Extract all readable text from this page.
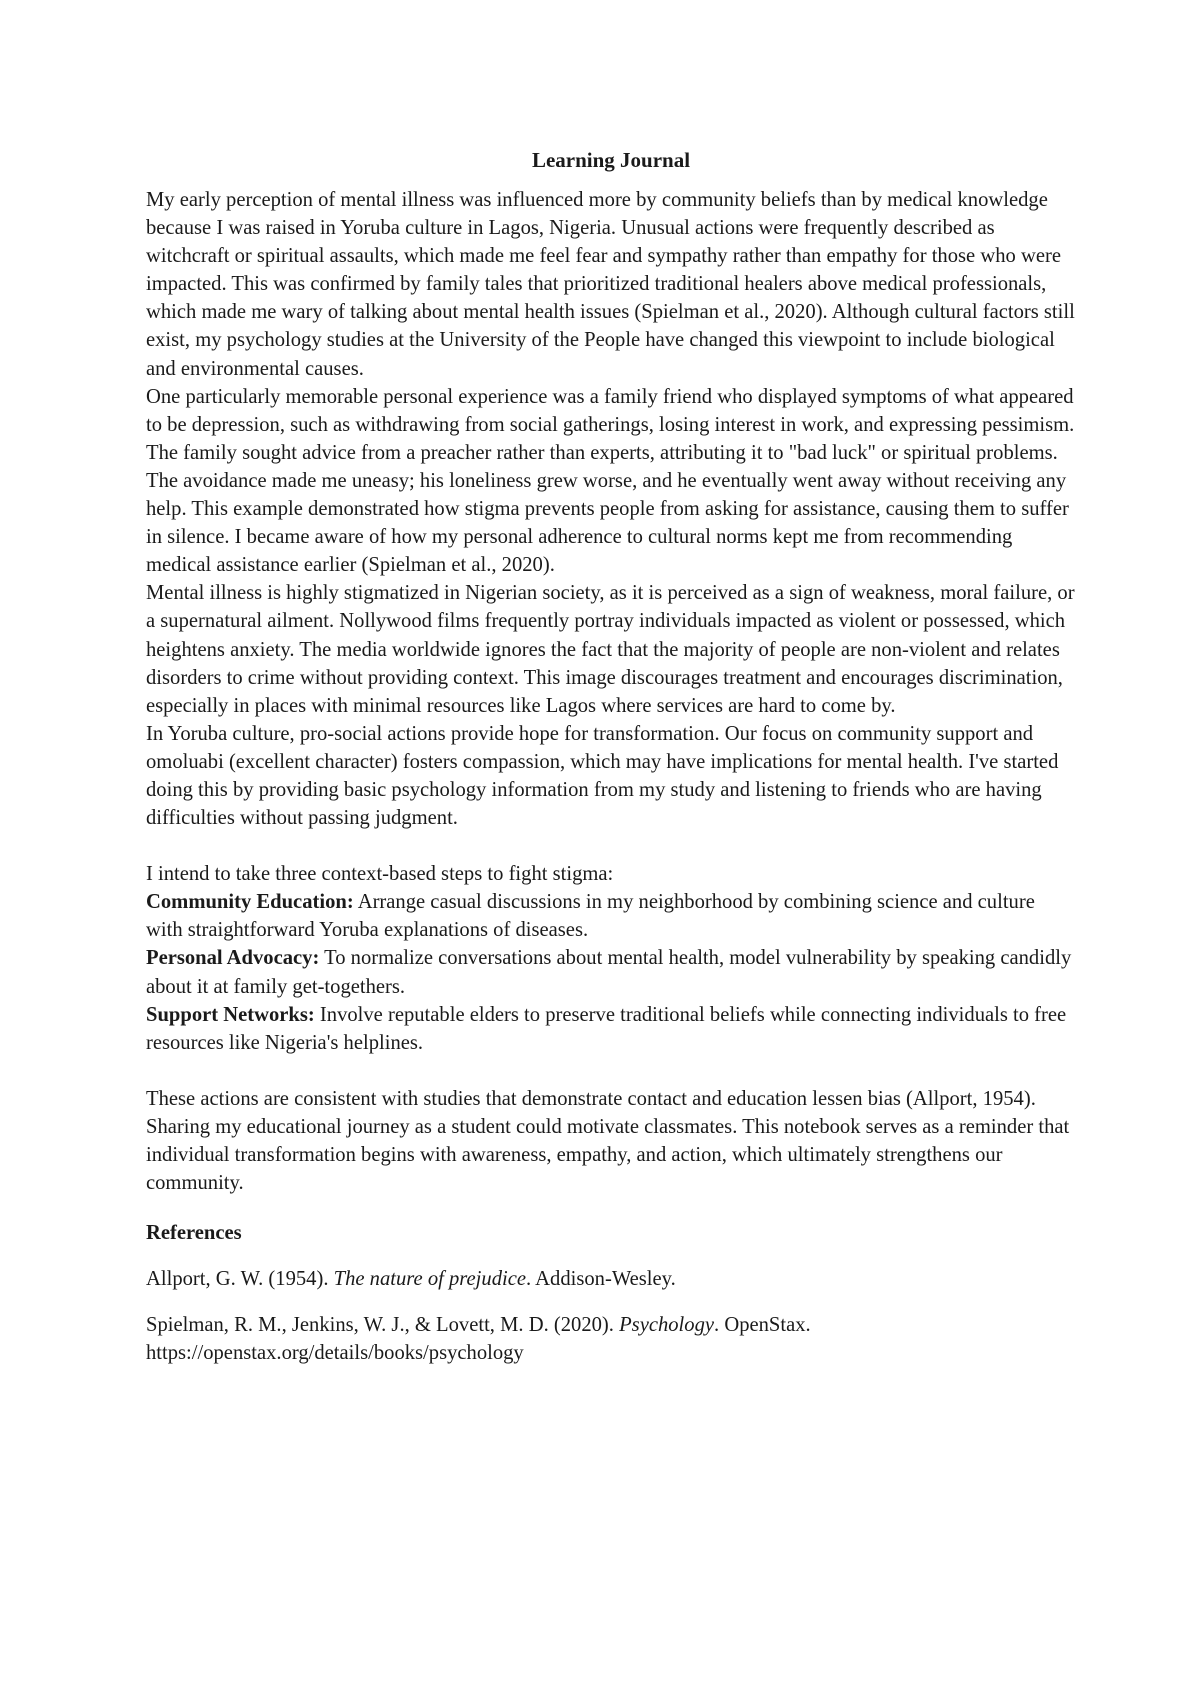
Learning Journal

My early perception of mental illness was influenced more by community beliefs than by medical knowledge because I was raised in Yoruba culture in Lagos, Nigeria. Unusual actions were frequently described as witchcraft or spiritual assaults, which made me feel fear and sympathy rather than empathy for those who were impacted. This was confirmed by family tales that prioritized traditional healers above medical professionals, which made me wary of talking about mental health issues (Spielman et al., 2020). Although cultural factors still exist, my psychology studies at the University of the People have changed this viewpoint to include biological and environmental causes.

One particularly memorable personal experience was a family friend who displayed symptoms of what appeared to be depression, such as withdrawing from social gatherings, losing interest in work, and expressing pessimism. The family sought advice from a preacher rather than experts, attributing it to "bad luck" or spiritual problems. The avoidance made me uneasy; his loneliness grew worse, and he eventually went away without receiving any help. This example demonstrated how stigma prevents people from asking for assistance, causing them to suffer in silence. I became aware of how my personal adherence to cultural norms kept me from recommending medical assistance earlier (Spielman et al., 2020).

Mental illness is highly stigmatized in Nigerian society, as it is perceived as a sign of weakness, moral failure, or a supernatural ailment. Nollywood films frequently portray individuals impacted as violent or possessed, which heightens anxiety. The media worldwide ignores the fact that the majority of people are non-violent and relates disorders to crime without providing context. This image discourages treatment and encourages discrimination, especially in places with minimal resources like Lagos where services are hard to come by.

In Yoruba culture, pro-social actions provide hope for transformation. Our focus on community support and omoluabi (excellent character) fosters compassion, which may have implications for mental health. I've started doing this by providing basic psychology information from my study and listening to friends who are having difficulties without passing judgment.

I intend to take three context-based steps to fight stigma:

Community Education: Arrange casual discussions in my neighborhood by combining science and culture with straightforward Yoruba explanations of diseases.

Personal Advocacy: To normalize conversations about mental health, model vulnerability by speaking candidly about it at family get-togethers.

Support Networks: Involve reputable elders to preserve traditional beliefs while connecting individuals to free resources like Nigeria's helplines.

These actions are consistent with studies that demonstrate contact and education lessen bias (Allport, 1954). Sharing my educational journey as a student could motivate classmates. This notebook serves as a reminder that individual transformation begins with awareness, empathy, and action, which ultimately strengthens our community.

References

Allport, G. W. (1954). The nature of prejudice. Addison-Wesley.

Spielman, R. M., Jenkins, W. J., & Lovett, M. D. (2020). Psychology. OpenStax. https://openstax.org/details/books/psychology
